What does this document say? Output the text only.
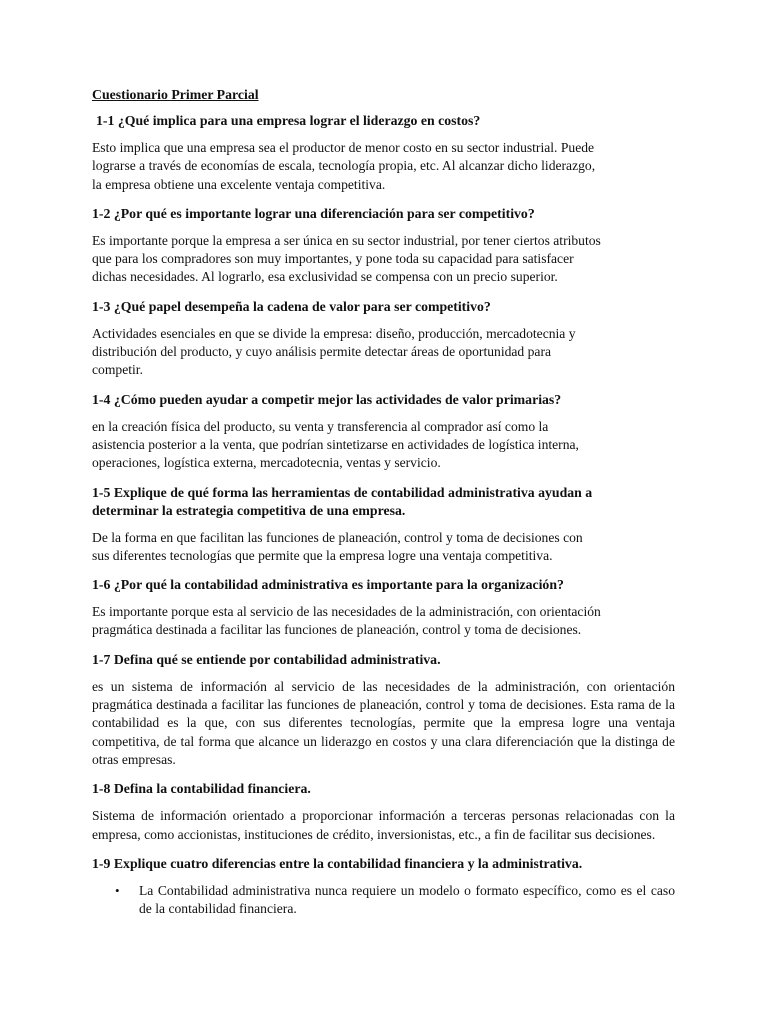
Cuestionario Primer Parcial
1-1 ¿Qué implica para una empresa lograr el liderazgo en costos?
Esto implica que una empresa sea el productor de menor costo en su sector industrial. Puede
lograrse a través de economías de escala, tecnología propia, etc. Al alcanzar dicho liderazgo,
la empresa obtiene una excelente ventaja competitiva.
1-2 ¿Por qué es importante lograr una diferenciación para ser competitivo?
Es importante porque la empresa a ser única en su sector industrial, por tener ciertos atributos
que para los compradores son muy importantes, y pone toda su capacidad para satisfacer
dichas necesidades. Al lograrlo, esa exclusividad se compensa con un precio superior.
1-3 ¿Qué papel desempeña la cadena de valor para ser competitivo?
Actividades esenciales en que se divide la empresa: diseño, producción, mercadotecnia y
distribución del producto, y cuyo análisis permite detectar áreas de oportunidad para
competir.
1-4 ¿Cómo pueden ayudar a competir mejor las actividades de valor primarias?
en la creación física del producto, su venta y transferencia al comprador así como la
asistencia posterior a la venta, que podrían sintetizarse en actividades de logística interna,
operaciones, logística externa, mercadotecnia, ventas y servicio.
1-5 Explique de qué forma las herramientas de contabilidad administrativa ayudan a
determinar la estrategia competitiva de una empresa.
De la forma en que facilitan las funciones de planeación, control y toma de decisiones con
sus diferentes tecnologías que permite que la empresa logre una ventaja competitiva.
1-6 ¿Por qué la contabilidad administrativa es importante para la organización?
Es importante porque esta al servicio de las necesidades de la administración, con orientación
pragmática destinada a facilitar las funciones de planeación, control y toma de decisiones.
1-7 Defina qué se entiende por contabilidad administrativa.
es un sistema de información al servicio de las necesidades de la administración, con orientación pragmática destinada a facilitar las funciones de planeación, control y toma de decisiones. Esta rama de la contabilidad es la que, con sus diferentes tecnologías, permite que la empresa logre una ventaja competitiva, de tal forma que alcance un liderazgo en costos y una clara diferenciación que la distinga de otras empresas.
1-8 Defina la contabilidad financiera.
Sistema de información orientado a proporcionar información a terceras personas relacionadas con la empresa, como accionistas, instituciones de crédito, inversionistas, etc., a fin de facilitar sus decisiones.
1-9 Explique cuatro diferencias entre la contabilidad financiera y la administrativa.
• La Contabilidad administrativa nunca requiere un modelo o formato específico, como es el caso de la contabilidad financiera.
